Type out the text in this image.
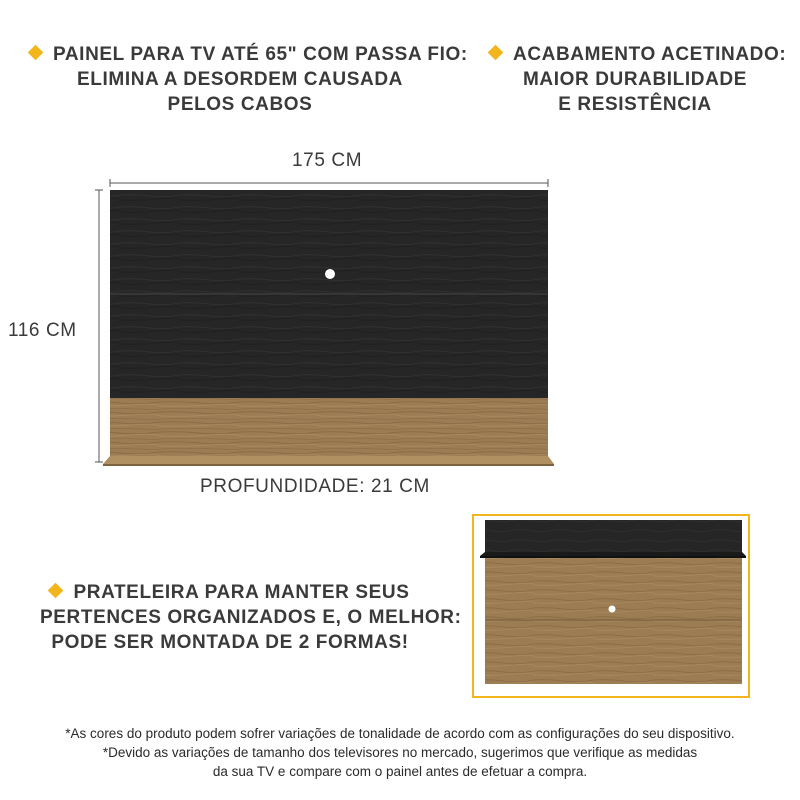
PAINEL PARA TV ATÉ 65" COM PASSA FIO:
ELIMINA A DESORDEM CAUSADA
PELOS CABOS
ACABAMENTO ACETINADO:
MAIOR DURABILIDADE
E RESISTÊNCIA
175 CM
116 CM
PROFUNDIDADE: 21 CM
PRATELEIRA PARA MANTER SEUS
PERTENCES ORGANIZADOS E, O MELHOR:
PODE SER MONTADA DE 2 FORMAS!
*As cores do produto podem sofrer variações de tonalidade de acordo com as configurações do seu dispositivo.
*Devido as variações de tamanho dos televisores no mercado, sugerimos que verifique as medidas
da sua TV e compare com o painel antes de efetuar a compra.
